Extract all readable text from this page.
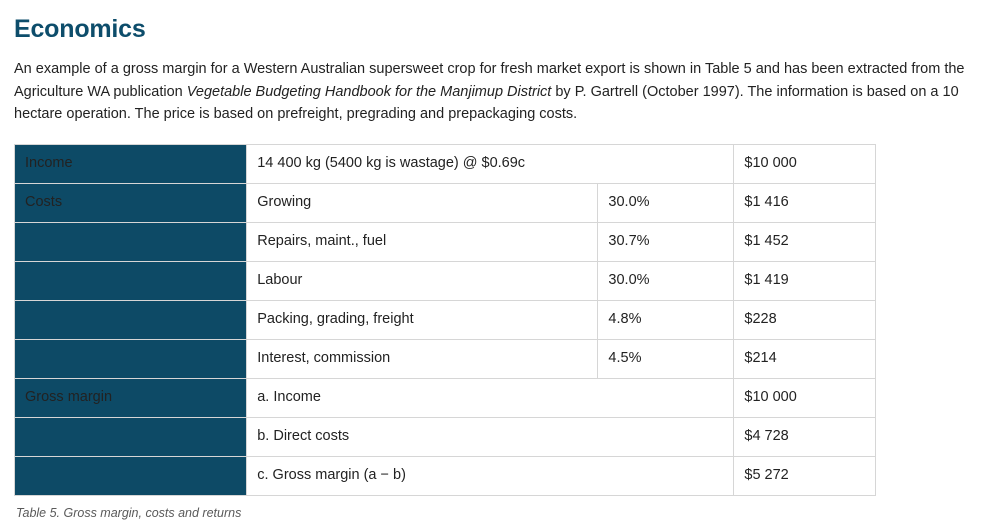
Economics

An example of a gross margin for a Western Australian supersweet crop for fresh market export is shown in Table 5 and has been extracted from the Agriculture WA publication Vegetable Budgeting Handbook for the Manjimup District by P. Gartrell (October 1997). The information is based on a 10 hectare operation. The price is based on prefreight, pregrading and prepackaging costs.

Income	14 400 kg (5400 kg is wastage) @ $0.69c		$10 000
Costs	Growing	30.0%	$1 416
	Repairs, maint., fuel	30.7%	$1 452
	Labour	30.0%	$1 419
	Packing, grading, freight	4.8%	$228
	Interest, commission	4.5%	$214
Gross margin	a. Income		$10 000
	b. Direct costs		$4 728
	c. Gross margin (a − b)		$5 272
Table 5. Gross margin, costs and returns
